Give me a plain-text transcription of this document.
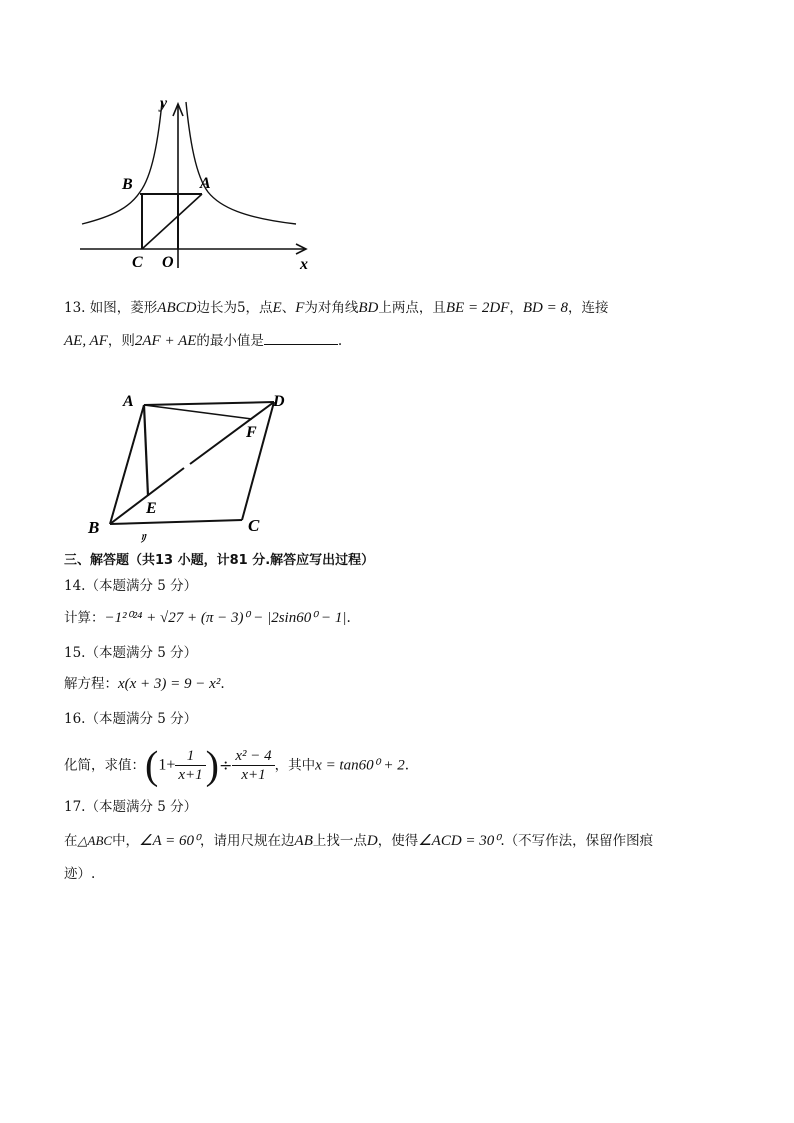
y
B	A
C O	x
13. 如图，菱形ABCD边长为5，点E、F为对角线BD上两点，且BE = 2DF，BD = 8，连接
AE, AF，则2AF + AE的最小值是	.
A	D
F
E
B	C
ﾘ
三、解答题（共13 小题，计81 分.解答应写出过程）
14.（本题满分 5 分）
计算：−1²⁰²⁴ + √27 + (π − 3)⁰ − |2sin60⁰ − 1|.
15.（本题满分 5 分）
解方程：x(x + 3) = 9 − x².
16.（本题满分 5 分）
化简，求值：($1+ \frac{1}{x+1}$ )÷ $\frac{\text{x² − 4}}{x+1}$ ，其中x = tan60⁰ + 2.
17.（本题满分 5 分）
在△ABC中，∠A = 60⁰，请用尺规在边AB上找一点D，使得∠ACD = 30⁰.（不写作法，保留作图痕
迹）.
